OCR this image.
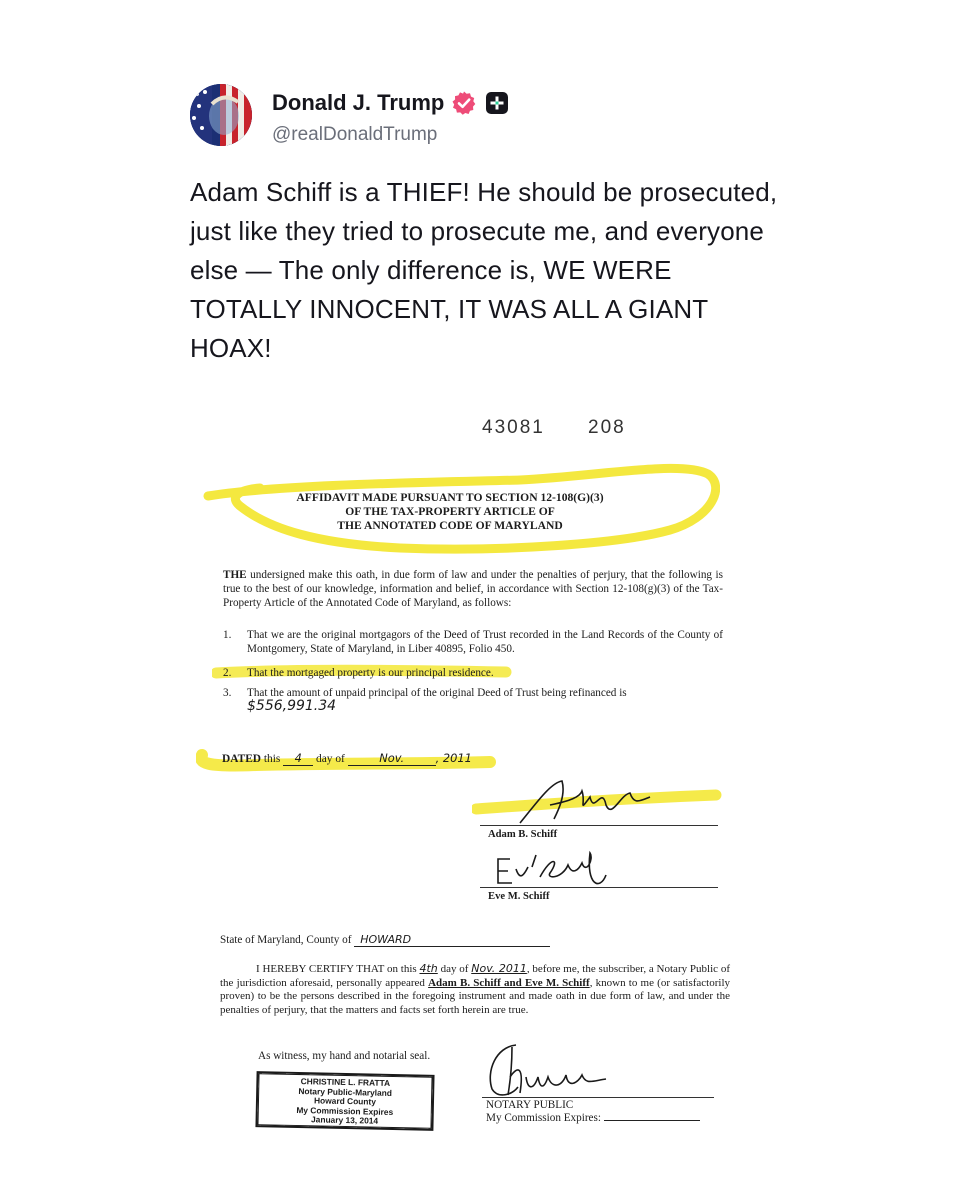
Donald J. Trump
@realDonaldTrump
Adam Schiff is a THIEF! He should be prosecuted, just like they tried to prosecute me, and everyone else — The only difference is, WE WERE TOTALLY INNOCENT, IT WAS ALL A GIANT HOAX!
43081 208
AFFIDAVIT MADE PURSUANT TO SECTION 12-108(G)(3)
OF THE TAX-PROPERTY ARTICLE OF
THE ANNOTATED CODE OF MARYLAND
THE undersigned make this oath, in due form of law and under the penalties of perjury, that the following is true to the best of our knowledge, information and belief, in accordance with Section 12-108(g)(3) of the Tax-Property Article of the Annotated Code of Maryland, as follows:
1.	That we are the original mortgagors of the Deed of Trust recorded in the Land Records of the County of Montgomery, State of Maryland, in Liber 40895, Folio 450.
2.	That the mortgaged property is our principal residence.
3.	That the amount of unpaid principal of the original Deed of Trust being refinanced is
$556,991.34
DATED this 4 day of	Nov.	, 2011
Adam B. Schiff
Eve M. Schiff
State of Maryland, County of HOWARD
I HEREBY CERTIFY THAT on this 4th day of Nov. 2011, before me, the subscriber, a Notary Public of the jurisdiction aforesaid, personally appeared Adam B. Schiff and Eve M. Schiff, known to me (or satisfactorily proven) to be the persons described in the foregoing instrument and made oath in due form of law, and under the penalties of perjury, that the matters and facts set forth herein are true.
As witness, my hand and notarial seal.
CHRISTINE L. FRATTA
Notary Public-Maryland
Howard County
My Commission Expires
January 13, 2014
NOTARY PUBLIC
My Commission Expires:
